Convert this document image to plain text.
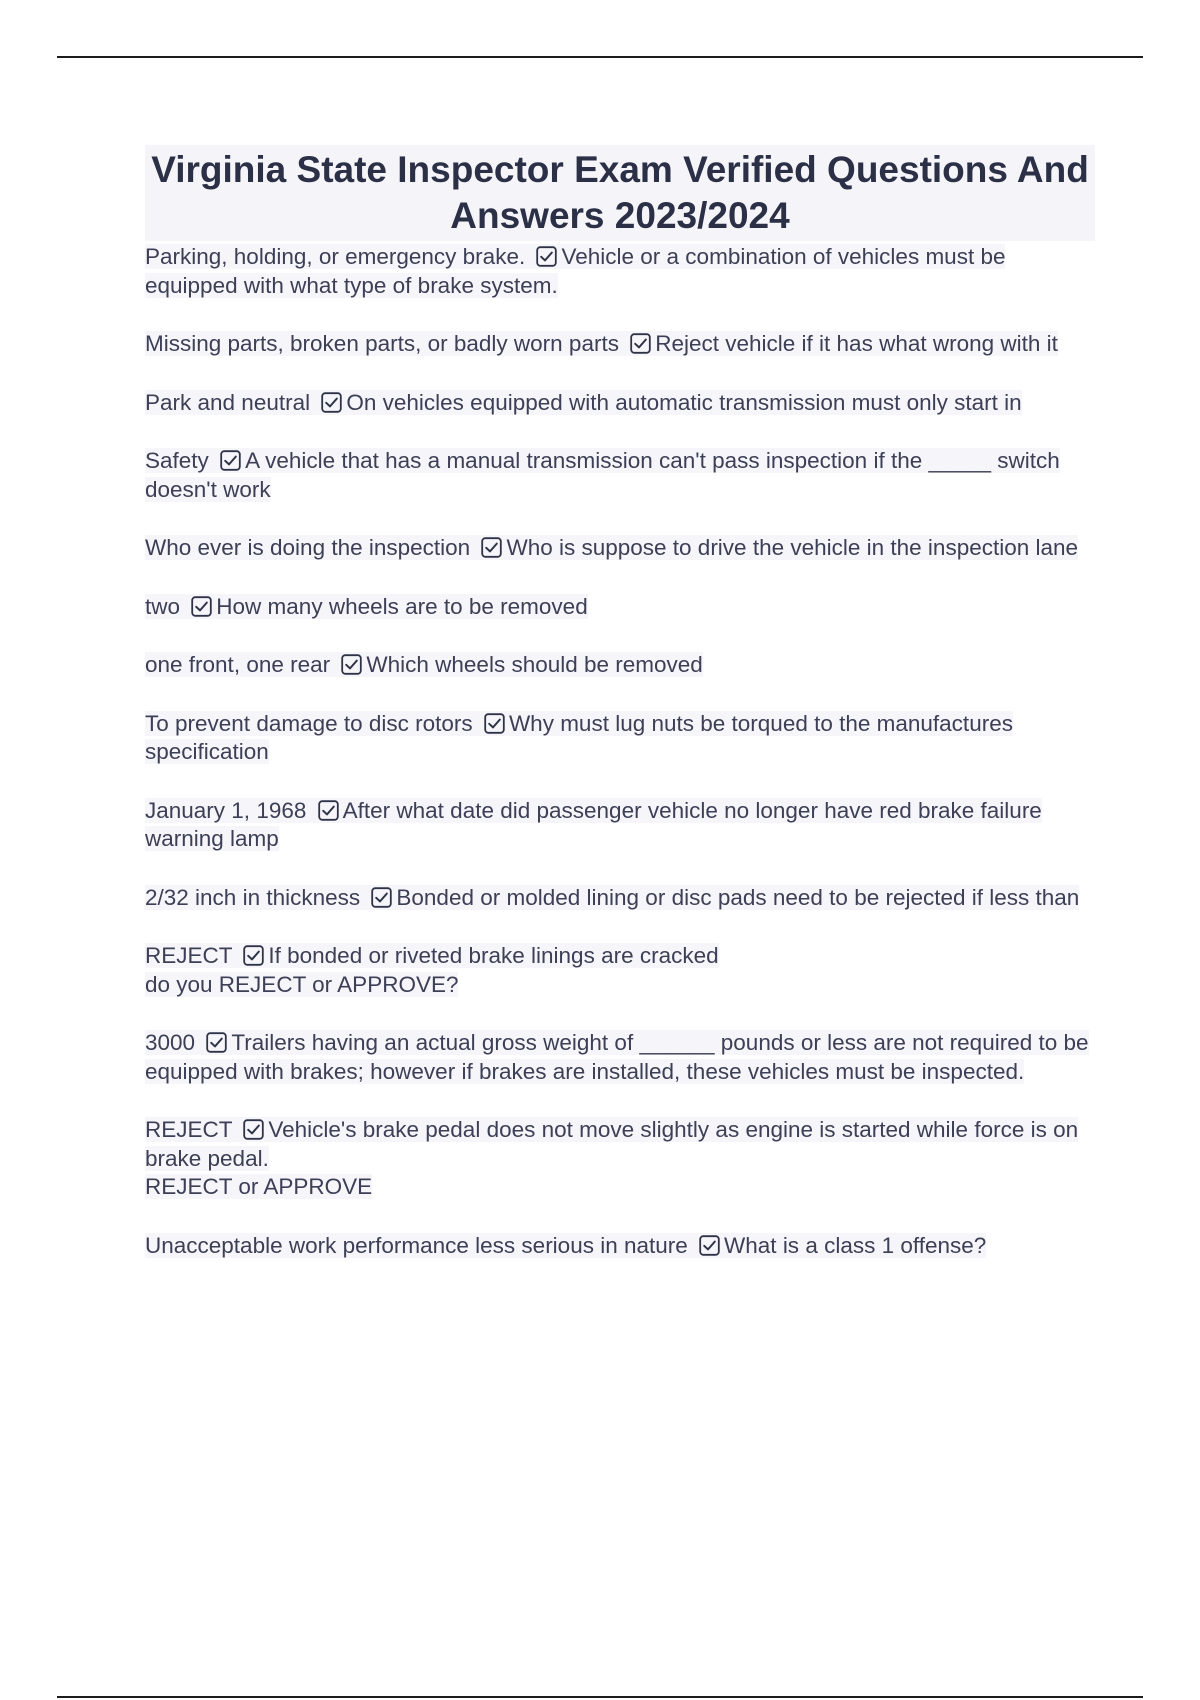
Virginia State Inspector Exam Verified Questions And Answers 2023/2024

Parking, holding, or emergency brake. Vehicle or a combination of vehicles must be equipped with what type of brake system.

Missing parts, broken parts, or badly worn parts Reject vehicle if it has what wrong with it

Park and neutral On vehicles equipped with automatic transmission must only start in

Safety A vehicle that has a manual transmission can't pass inspection if the _____ switch doesn't work

Who ever is doing the inspection Who is suppose to drive the vehicle in the inspection lane

two How many wheels are to be removed

one front, one rear Which wheels should be removed

To prevent damage to disc rotors Why must lug nuts be torqued to the manufactures specification

January 1, 1968 After what date did passenger vehicle no longer have red brake failure warning lamp

2/32 inch in thickness Bonded or molded lining or disc pads need to be rejected if less than

REJECT If bonded or riveted brake linings are cracked
do you REJECT or APPROVE?

3000 Trailers having an actual gross weight of ______ pounds or less are not required to be equipped with brakes; however if brakes are installed, these vehicles must be inspected.

REJECT Vehicle's brake pedal does not move slightly as engine is started while force is on brake pedal.
REJECT or APPROVE

Unacceptable work performance less serious in nature What is a class 1 offense?
